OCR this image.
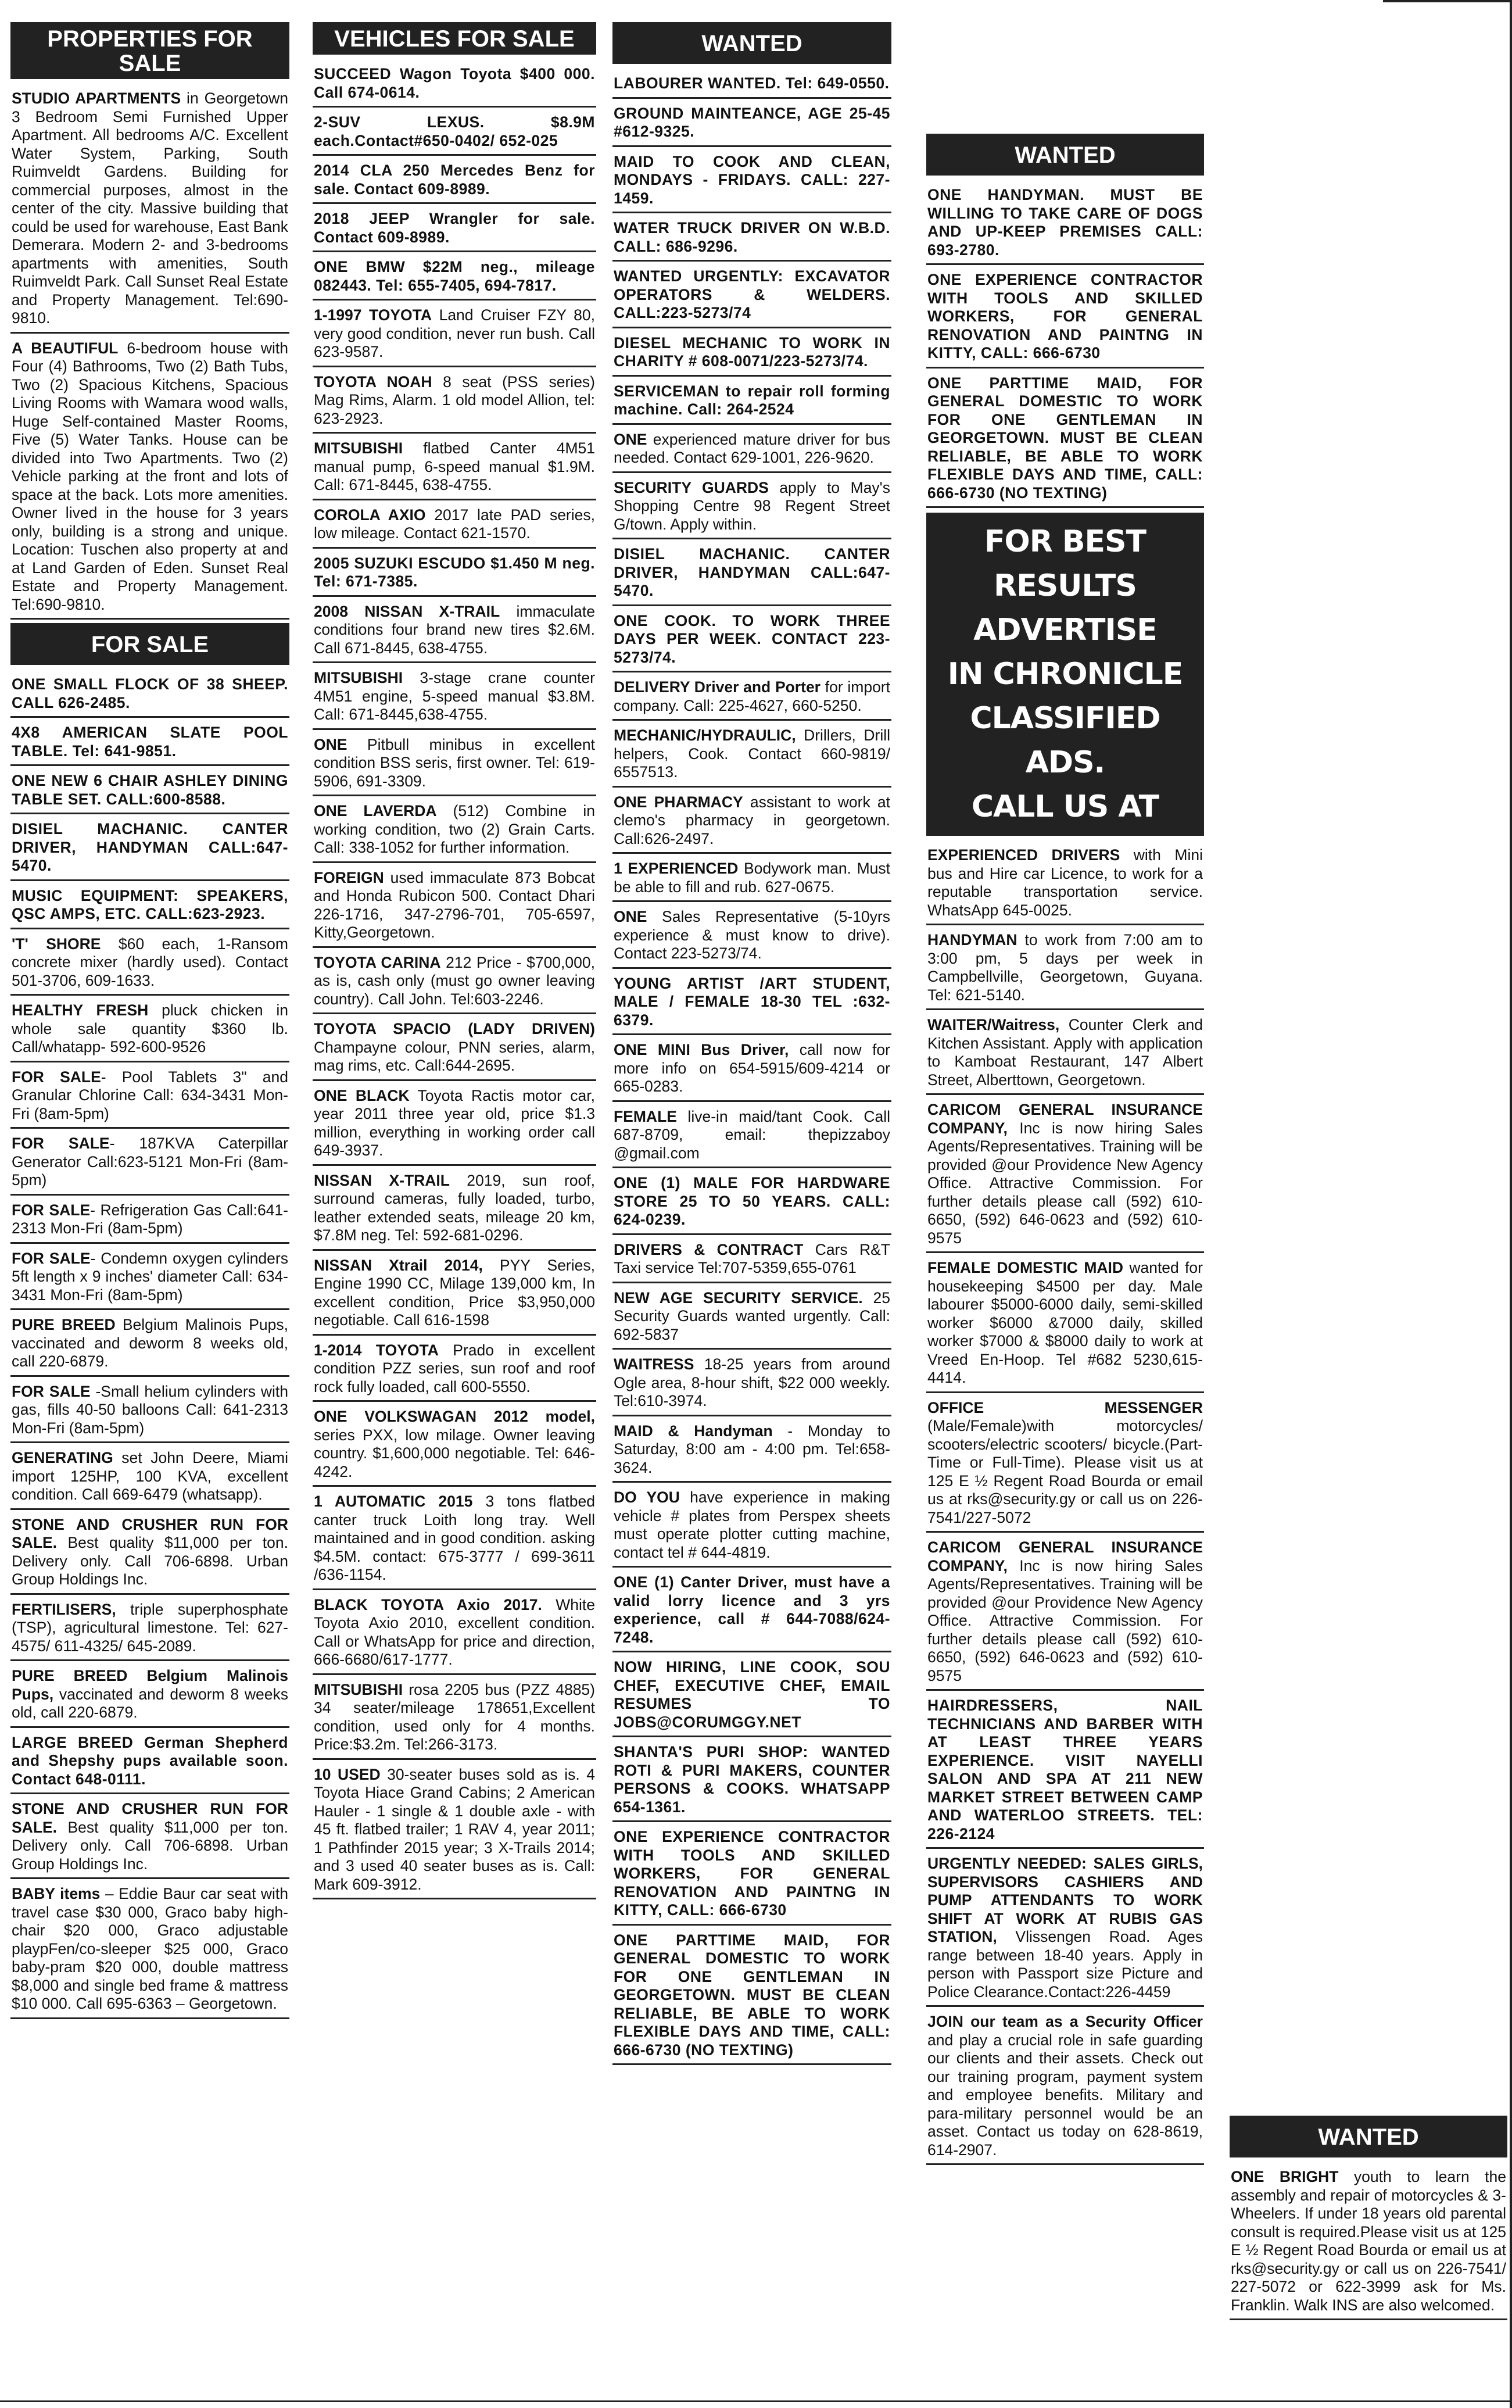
PROPERTIES FOR SALE
STUDIO APARTMENTS in Georgetown 3 Bedroom Semi Furnished Upper Apartment. All bedrooms A/C. Excellent Water System, Parking, South Ruimveldt Gardens. Building for commercial purposes, almost in the center of the city. Massive building that could be used for warehouse, East Bank Demerara. Modern 2- and 3-bedrooms apartments with amenities, South Ruimveldt Park. Call Sunset Real Estate and Property Management. Tel:690-9810.
A BEAUTIFUL 6-bedroom house with Four (4) Bathrooms, Two (2) Bath Tubs, Two (2) Spacious Kitchens, Spacious Living Rooms with Wamara wood walls, Huge Self-contained Master Rooms, Five (5) Water Tanks. House can be divided into Two Apartments. Two (2) Vehicle parking at the front and lots of space at the back. Lots more amenities. Owner lived in the house for 3 years only, building is a strong and unique. Location: Tuschen also property at and at Land Garden of Eden. Sunset Real Estate and Property Management. Tel:690-9810.
FOR SALE
ONE SMALL FLOCK OF 38 SHEEP. CALL 626-2485.
4X8 AMERICAN SLATE POOL TABLE. Tel: 641-9851.
ONE NEW 6 CHAIR ASHLEY DINING TABLE SET. CALL:600-8588.
DISIEL MACHANIC. CANTER DRIVER, HANDYMAN CALL:647-5470.
MUSIC EQUIPMENT: SPEAKERS, QSC AMPS, ETC. CALL:623-2923.
'T' SHORE $60 each, 1-Ransom concrete mixer (hardly used). Contact 501-3706, 609-1633.
HEALTHY FRESH pluck chicken in whole sale quantity $360 lb. Call/whatapp- 592-600-9526
FOR SALE- Pool Tablets 3" and Granular Chlorine Call: 634-3431 Mon-Fri (8am-5pm)
FOR SALE- 187KVA Caterpillar Generator Call:623-5121 Mon-Fri (8am-5pm)
FOR SALE- Refrigeration Gas Call:641-2313 Mon-Fri (8am-5pm)
FOR SALE- Condemn oxygen cylinders 5ft length x 9 inches' diameter Call: 634-3431 Mon-Fri (8am-5pm)
PURE BREED Belgium Malinois Pups, vaccinated and deworm 8 weeks old, call 220-6879.
FOR SALE -Small helium cylinders with gas, fills 40-50 balloons Call: 641-2313 Mon-Fri (8am-5pm)
GENERATING set John Deere, Miami import 125HP, 100 KVA, excellent condition. Call 669-6479 (whatsapp).
STONE AND CRUSHER RUN FOR SALE. Best quality $11,000 per ton. Delivery only. Call 706-6898. Urban Group Holdings Inc.
FERTILISERS, triple superphosphate (TSP), agricultural limestone. Tel: 627-4575/ 611-4325/ 645-2089.
PURE BREED Belgium Malinois Pups, vaccinated and deworm 8 weeks old, call 220-6879.
LARGE BREED German Shepherd and Shepshy pups available soon. Contact 648-0111.
STONE AND CRUSHER RUN FOR SALE. Best quality $11,000 per ton. Delivery only. Call 706-6898. Urban Group Holdings Inc.
BABY items – Eddie Baur car seat with travel case $30 000, Graco baby high-chair $20 000, Graco adjustable playpFen/co-sleeper $25 000, Graco baby-pram $20 000, double mattress $8,000 and single bed frame & mattress $10 000. Call 695-6363 – Georgetown.
VEHICLES FOR SALE
SUCCEED Wagon Toyota $400 000. Call 674-0614.
2-SUV LEXUS. $8.9M each.Contact#650-0402/ 652-025
2014 CLA 250 Mercedes Benz for sale. Contact 609-8989.
2018 JEEP Wrangler for sale. Contact 609-8989.
ONE BMW $22M neg., mileage 082443. Tel: 655-7405, 694-7817.
1-1997 TOYOTA Land Cruiser FZY 80, very good condition, never run bush. Call 623-9587.
TOYOTA NOAH 8 seat (PSS series) Mag Rims, Alarm. 1 old model Allion, tel: 623-2923.
MITSUBISHI flatbed Canter 4M51 manual pump, 6-speed manual $1.9M. Call: 671-8445, 638-4755.
COROLA AXIO 2017 late PAD series, low mileage. Contact 621-1570.
2005 SUZUKI ESCUDO $1.450 M neg. Tel: 671-7385.
2008 NISSAN X-TRAIL immaculate conditions four brand new tires $2.6M. Call 671-8445, 638-4755.
MITSUBISHI 3-stage crane counter 4M51 engine, 5-speed manual $3.8M. Call: 671-8445,638-4755.
ONE Pitbull minibus in excellent condition BSS seris, first owner. Tel: 619-5906, 691-3309.
ONE LAVERDA (512) Combine in working condition, two (2) Grain Carts. Call: 338-1052 for further information.
FOREIGN used immaculate 873 Bobcat and Honda Rubicon 500. Contact Dhari 226-1716, 347-2796-701, 705-6597, Kitty,Georgetown.
TOYOTA CARINA 212 Price - $700,000, as is, cash only (must go owner leaving country). Call John. Tel:603-2246.
TOYOTA SPACIO (LADY DRIVEN) Champayne colour, PNN series, alarm, mag rims, etc. Call:644-2695.
ONE BLACK Toyota Ractis motor car, year 2011 three year old, price $1.3 million, everything in working order call 649-3937.
NISSAN X-TRAIL 2019, sun roof, surround cameras, fully loaded, turbo, leather extended seats, mileage 20 km, $7.8M neg. Tel: 592-681-0296.
NISSAN Xtrail 2014, PYY Series, Engine 1990 CC, Milage 139,000 km, In excellent condition, Price $3,950,000 negotiable. Call 616-1598
1-2014 TOYOTA Prado in excellent condition PZZ series, sun roof and roof rock fully loaded, call 600-5550.
ONE VOLKSWAGAN 2012 model, series PXX, low milage. Owner leaving country. $1,600,000 negotiable. Tel: 646-4242.
1 AUTOMATIC 2015 3 tons flatbed canter truck Loith long tray. Well maintained and in good condition. asking $4.5M. contact: 675-3777 / 699-3611 /636-1154.
BLACK TOYOTA Axio 2017. White Toyota Axio 2010, excellent condition. Call or WhatsApp for price and direction, 666-6680/617-1777.
MITSUBISHI rosa 2205 bus (PZZ 4885) 34 seater/mileage 178651,Excellent condition, used only for 4 months. Price:$3.2m. Tel:266-3173.
10 USED 30-seater buses sold as is. 4 Toyota Hiace Grand Cabins; 2 American Hauler - 1 single & 1 double axle - with 45 ft. flatbed trailer; 1 RAV 4, year 2011; 1 Pathfinder 2015 year; 3 X-Trails 2014; and 3 used 40 seater buses as is. Call: Mark 609-3912.
WANTED
LABOURER WANTED. Tel: 649-0550.
GROUND MAINTEANCE, AGE 25-45 #612-9325.
MAID TO COOK AND CLEAN, MONDAYS - FRIDAYS. CALL: 227-1459.
WATER TRUCK DRIVER ON W.B.D. CALL: 686-9296.
WANTED URGENTLY: EXCAVATOR OPERATORS & WELDERS. CALL:223-5273/74
DIESEL MECHANIC TO WORK IN CHARITY # 608-0071/223-5273/74.
SERVICEMAN to repair roll forming machine. Call: 264-2524
ONE experienced mature driver for bus needed. Contact 629-1001, 226-9620.
SECURITY GUARDS apply to May's Shopping Centre 98 Regent Street G/town. Apply within.
DISIEL MACHANIC. CANTER DRIVER, HANDYMAN CALL:647-5470.
ONE COOK. TO WORK THREE DAYS PER WEEK. CONTACT 223-5273/74.
DELIVERY Driver and Porter for import company. Call: 225-4627, 660-5250.
MECHANIC/HYDRAULIC, Drillers, Drill helpers, Cook. Contact 660-9819/ 6557513.
ONE PHARMACY assistant to work at clemo's pharmacy in georgetown. Call:626-2497.
1 EXPERIENCED Bodywork man. Must be able to fill and rub. 627-0675.
ONE Sales Representative (5-10yrs experience & must know to drive). Contact 223-5273/74.
YOUNG ARTIST /ART STUDENT, MALE / FEMALE 18-30 TEL :632-6379.
ONE MINI Bus Driver, call now for more info on 654-5915/609-4214 or 665-0283.
FEMALE live-in maid/tant Cook. Call 687-8709, email: thepizzaboy @gmail.com
ONE (1) MALE FOR HARDWARE STORE 25 TO 50 YEARS. CALL: 624-0239.
DRIVERS & CONTRACT Cars R&T Taxi service Tel:707-5359,655-0761
NEW AGE SECURITY SERVICE. 25 Security Guards wanted urgently. Call: 692-5837
WAITRESS 18-25 years from around Ogle area, 8-hour shift, $22 000 weekly. Tel:610-3974.
MAID & Handyman - Monday to Saturday, 8:00 am - 4:00 pm. Tel:658-3624.
DO YOU have experience in making vehicle # plates from Perspex sheets must operate plotter cutting machine, contact tel # 644-4819.
ONE (1) Canter Driver, must have a valid lorry licence and 3 yrs experience, call # 644-7088/624-7248.
NOW HIRING, LINE COOK, SOU CHEF, EXECUTIVE CHEF, EMAIL RESUMES TO JOBS@CORUMGGY.NET
SHANTA'S PURI SHOP: WANTED ROTI & PURI MAKERS, COUNTER PERSONS & COOKS. WHATSAPP 654-1361.
ONE EXPERIENCE CONTRACTOR WITH TOOLS AND SKILLED WORKERS, FOR GENERAL RENOVATION AND PAINTNG IN KITTY, CALL: 666-6730
ONE PARTTIME MAID, FOR GENERAL DOMESTIC TO WORK FOR ONE GENTLEMAN IN GEORGETOWN. MUST BE CLEAN RELIABLE, BE ABLE TO WORK FLEXIBLE DAYS AND TIME, CALL: 666-6730 (NO TEXTING)
WANTED
ONE HANDYMAN. MUST BE WILLING TO TAKE CARE OF DOGS AND UP-KEEP PREMISES CALL: 693-2780.
ONE EXPERIENCE CONTRACTOR WITH TOOLS AND SKILLED WORKERS, FOR GENERAL RENOVATION AND PAINTNG IN KITTY, CALL: 666-6730
ONE PARTTIME MAID, FOR GENERAL DOMESTIC TO WORK FOR ONE GENTLEMAN IN GEORGETOWN. MUST BE CLEAN RELIABLE, BE ABLE TO WORK FLEXIBLE DAYS AND TIME, CALL: 666-6730 (NO TEXTING)
FOR BEST RESULTS
ADVERTISE
IN CHRONICLE
CLASSIFIED ADS.
CALL US AT
EXPERIENCED DRIVERS with Mini bus and Hire car Licence, to work for a reputable transportation service. WhatsApp 645-0025.
HANDYMAN to work from 7:00 am to 3:00 pm, 5 days per week in Campbellville, Georgetown, Guyana. Tel: 621-5140.
WAITER/Waitress, Counter Clerk and Kitchen Assistant. Apply with application to Kamboat Restaurant, 147 Albert Street, Alberttown, Georgetown.
CARICOM GENERAL INSURANCE COMPANY, Inc is now hiring Sales Agents/Representatives. Training will be provided @our Providence New Agency Office. Attractive Commission. For further details please call (592) 610-6650, (592) 646-0623 and (592) 610-9575
FEMALE DOMESTIC MAID wanted for housekeeping $4500 per day. Male labourer $5000-6000 daily, semi-skilled worker $6000 &7000 daily, skilled worker $7000 & $8000 daily to work at Vreed En-Hoop. Tel #682 5230,615-4414.
OFFICE MESSENGER (Male/Female)with motorcycles/ scooters/electric scooters/ bicycle.(Part-Time or Full-Time). Please visit us at 125 E ½ Regent Road Bourda or email us at rks@security.gy or call us on 226-7541/227-5072
CARICOM GENERAL INSURANCE COMPANY, Inc is now hiring Sales Agents/Representatives. Training will be provided @our Providence New Agency Office. Attractive Commission. For further details please call (592) 610-6650, (592) 646-0623 and (592) 610-9575
HAIRDRESSERS, NAIL TECHNICIANS AND BARBER WITH AT LEAST THREE YEARS EXPERIENCE. VISIT NAYELLI SALON AND SPA AT 211 NEW MARKET STREET BETWEEN CAMP AND WATERLOO STREETS. TEL: 226-2124
URGENTLY NEEDED: SALES GIRLS, SUPERVISORS CASHIERS AND PUMP ATTENDANTS TO WORK SHIFT AT WORK AT RUBIS GAS STATION, Vlissengen Road. Ages range between 18-40 years. Apply in person with Passport size Picture and Police Clearance.Contact:226-4459
JOIN our team as a Security Officer and play a crucial role in safe guarding our clients and their assets. Check out our training program, payment system and employee benefits. Military and para-military personnel would be an asset. Contact us today on 628-8619, 614-2907.	WANTED
ONE BRIGHT youth to learn the assembly and repair of motorcycles & 3-Wheelers. If under 18 years old parental consult is required.Please visit us at 125 E ½ Regent Road Bourda or email us at rks@security.gy or call us on 226-7541/ 227-5072 or 622-3999 ask for Ms. Franklin. Walk INS are also welcomed.
